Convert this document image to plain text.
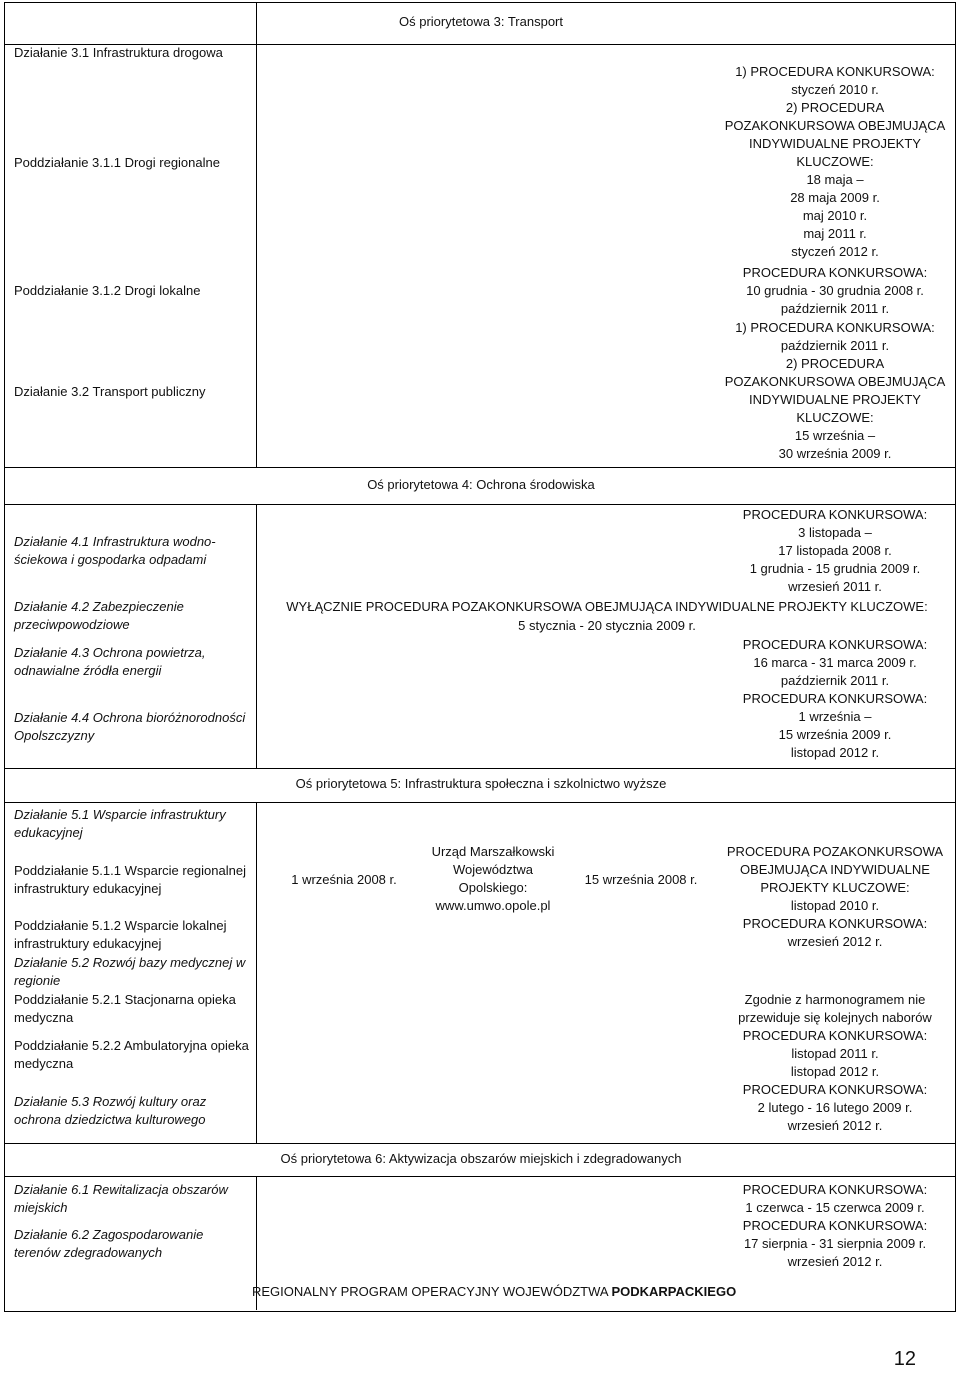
Oś priorytetowa 3: Transport
Działanie 3.1 Infrastruktura drogowa
Poddziałanie 3.1.1 Drogi regionalne
Poddziałanie 3.1.2 Drogi lokalne
Działanie 3.2 Transport publiczny
1) PROCEDURA KONKURSOWA:
styczeń 2010 r.
2) PROCEDURA
POZAKONKURSOWA OBEJMUJĄCA
INDYWIDUALNE PROJEKTY
KLUCZOWE:
18 maja –
28 maja 2009 r.
maj 2010 r.
maj 2011 r.
styczeń 2012 r.
PROCEDURA KONKURSOWA:
10 grudnia - 30 grudnia 2008 r.
październik 2011 r.
1) PROCEDURA KONKURSOWA:
październik 2011 r.
2) PROCEDURA
POZAKONKURSOWA OBEJMUJĄCA
INDYWIDUALNE PROJEKTY
KLUCZOWE:
15 września –
30 września 2009 r.
Oś priorytetowa 4: Ochrona środowiska
Działanie 4.1 Infrastruktura wodno-
ściekowa i gospodarka odpadami
Działanie 4.2 Zabezpieczenie
przeciwpowodziowe
Działanie 4.3 Ochrona powietrza,
odnawialne źródła energii
Działanie 4.4 Ochrona bioróżnorodności
Opolszczyzny
PROCEDURA KONKURSOWA:
3 listopada –
17 listopada 2008 r.
1 grudnia - 15 grudnia 2009 r.
wrzesień 2011 r.
WYŁĄCZNIE PROCEDURA POZAKONKURSOWA OBEJMUJĄCA INDYWIDUALNE PROJEKTY KLUCZOWE:
5 stycznia - 20 stycznia 2009 r.
PROCEDURA KONKURSOWA:
16 marca - 31 marca 2009 r.
październik 2011 r.
PROCEDURA KONKURSOWA:
1 września –
15 września 2009 r.
listopad 2012 r.
Oś priorytetowa 5: Infrastruktura społeczna i szkolnictwo wyższe
Działanie 5.1 Wsparcie infrastruktury
edukacyjnej
Poddziałanie 5.1.1 Wsparcie regionalnej
infrastruktury edukacyjnej
Poddziałanie 5.1.2 Wsparcie lokalnej
infrastruktury edukacyjnej
Działanie 5.2 Rozwój bazy medycznej w
regionie
Poddziałanie 5.2.1 Stacjonarna opieka
medyczna
Poddziałanie 5.2.2 Ambulatoryjna opieka
medyczna
Działanie 5.3 Rozwój kultury oraz
ochrona dziedzictwa kulturowego
1 września 2008 r.
Urząd Marszałkowski
Województwa
Opolskiego:
www.umwo.opole.pl
15 września 2008 r.
PROCEDURA POZAKONKURSOWA
OBEJMUJĄCA INDYWIDUALNE
PROJEKTY KLUCZOWE:
listopad 2010 r.
PROCEDURA KONKURSOWA:
wrzesień 2012 r.
Zgodnie z harmonogramem nie
przewiduje się kolejnych naborów
PROCEDURA KONKURSOWA:
listopad 2011 r.
listopad 2012 r.
PROCEDURA KONKURSOWA:
2 lutego - 16 lutego 2009 r.
wrzesień 2012 r.
Oś priorytetowa 6: Aktywizacja obszarów miejskich i zdegradowanych
Działanie 6.1 Rewitalizacja obszarów
miejskich
Działanie 6.2 Zagospodarowanie
terenów zdegradowanych
PROCEDURA KONKURSOWA:
1 czerwca - 15 czerwca 2009 r.
PROCEDURA KONKURSOWA:
17 sierpnia - 31 sierpnia 2009 r.
wrzesień 2012 r.
REGIONALNY PROGRAM OPERACYJNY WOJEWÓDZTWA PODKARPACKIEGO
12
